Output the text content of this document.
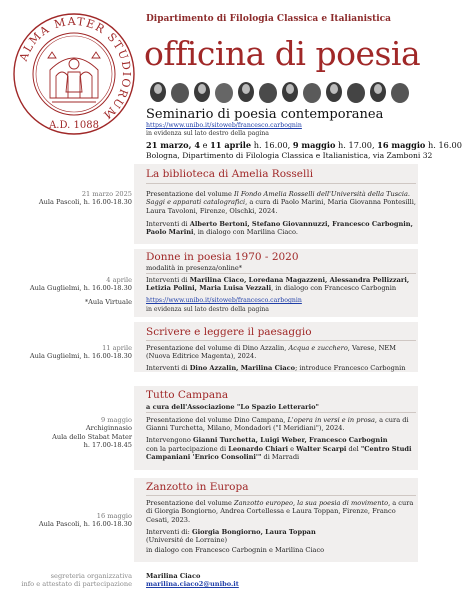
ALMA MATER STUDIORUM
A.D. 1088
Dipartimento di Filologia Classica e Italianistica
officina di poesia
Seminario di poesia contemporanea
https://www.unibo.it/sitoweb/francesco.carbognin
in evidenza sul lato destro della pagina
21 marzo, 4 e 11 aprile h. 16.00, 9 maggio h. 17.00, 16 maggio h. 16.00
Bologna, Dipartimento di Filologia Classica e Italianistica, via Zamboni 32
La biblioteca di Amelia Rosselli
21 marzo 2025
Aula Pascoli, h. 16.00-18.30
Presentazione del volume Il Fondo Amelia Rosselli dell'Università della Tuscia. Saggi e apparati catalografici, a cura di Paolo Marini, Maria Giovanna Pontesilli, Laura Tavoloni, Firenze, Olschki, 2024.
Interventi di Alberto Bertoni, Stefano Giovannuzzi, Francesco Carbognin, Paolo Marini, in dialogo con Marilina Ciaco.
Donne in poesia 1970 - 2020
modalità in presenza/online*
4 aprile
Aula Guglielmi, h. 16.00-18.30
*Aula Virtuale
Interventi di Marilina Ciaco, Loredana Magazzeni, Alessandra Pellizzari, Letizia Polini, Maria Luisa Vezzali, in dialogo con Francesco Carbognin
https://www.unibo.it/sitoweb/francesco.carbognin
in evidenza sul lato destro della pagina
Scrivere e leggere il paesaggio
11 aprile
Aula Guglielmi, h. 16.00-18.30
Presentazione del volume di Dino Azzalin, Acqua e zucchero, Varese, NEM (Nuova Editrice Magenta), 2024.
Interventi di Dino Azzalin, Marilina Ciaco; introduce Francesco Carbognin
Tutto Campana
a cura dell'Associazione "Lo Spazio Letterario"
9 maggio
Archiginnasio
Aula dello Stabat Mater
h. 17.00-18.45
Presentazione del volume Dino Campana, L'opera in versi e in prosa, a cura di Gianni Turchetta, Milano, Mondadori ("I Meridiani"), 2024.
Intervengono Gianni Turchetta, Luigi Weber, Francesco Carbognin
con la partecipazione di Leonardo Chiari e Walter Scarpi del "Centro Studi Campaniani 'Enrico Consolini'" di Marradi
Zanzotto in Europa
16 maggio
Aula Pascoli, h. 16.00-18.30
Presentazione del volume Zanzotto europeo, la sua poesia di movimento, a cura di Giorgia Bongiorno, Andrea Cortellessa e Laura Toppan, Firenze, Franco Cesati, 2023.
Interventi di: Giorgia Bongiorno, Laura Toppan
(Université de Lorraine)
in dialogo con Francesco Carbognin e Marilina Ciaco
segreteria organizzativa
info e attestato di partecipazione
Marilina Ciaco
marilina.ciaco2@unibo.it
